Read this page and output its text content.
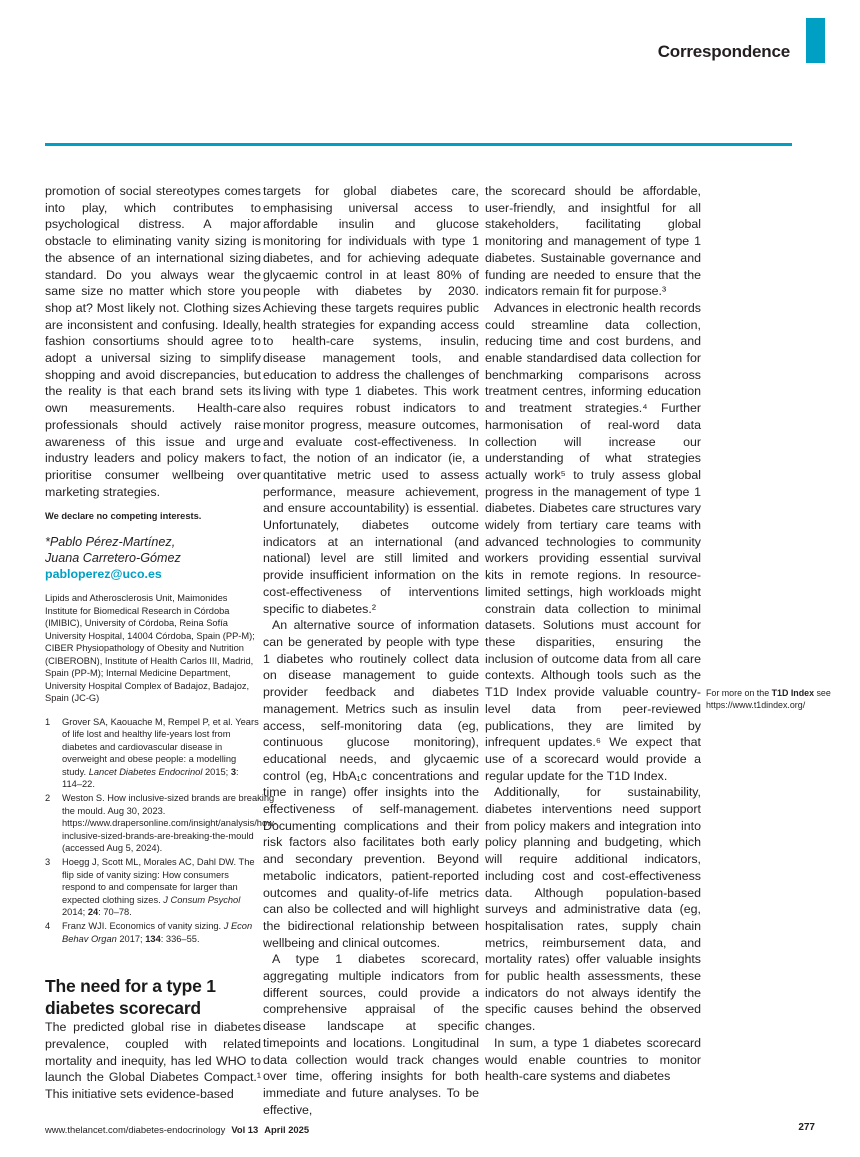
Correspondence

promotion of social stereotypes comes into play, which contributes to psychological distress. A major obstacle to eliminating vanity sizing is the absence of an international sizing standard. Do you always wear the same size no matter which store you shop at? Most likely not. Clothing sizes are inconsistent and confusing. Ideally, fashion consortiums should agree to adopt a universal sizing to simplify shopping and avoid discrepancies, but the reality is that each brand sets its own measurements. Health-care professionals should actively raise awareness of this issue and urge industry leaders and policy makers to prioritise consumer wellbeing over marketing strategies.

We declare no competing interests.
*Pablo Pérez-Martínez,
Juana Carretero-Gómez
pabloperez@uco.es
Lipids and Atherosclerosis Unit, Maimonides Institute for Biomedical Research in Córdoba (IMIBIC), University of Córdoba, Reina Sofía University Hospital, 14004 Córdoba, Spain (PP-M); CIBER Physiopathology of Obesity and Nutrition (CIBEROBN), Institute of Health Carlos III, Madrid, Spain (PP-M); Internal Medicine Department, University Hospital Complex of Badajoz, Badajoz, Spain (JC-G)
1	Grover SA, Kaouache M, Rempel P, et al. Years of life lost and healthy life-years lost from diabetes and cardiovascular disease in overweight and obese people: a modelling study. Lancet Diabetes Endocrinol 2015; 3: 114–22.
2	Weston S. How inclusive-sized brands are breaking the mould. Aug 30, 2023. https://www.drapersonline.com/insight/analysis/how-inclusive-sized-brands-are-breaking-the-mould (accessed Aug 5, 2024).
3	Hoegg J, Scott ML, Morales AC, Dahl DW. The flip side of vanity sizing: How consumers respond to and compensate for larger than expected clothing sizes. J Consum Psychol 2014; 24: 70–78.
4	Franz WJI. Economics of vanity sizing. J Econ Behav Organ 2017; 134: 336–55.
The need for a type 1 diabetes scorecard

The predicted global rise in diabetes prevalence, coupled with related mortality and inequity, has led WHO to launch the Global Diabetes Compact.¹ This initiative sets evidence-based

targets for global diabetes care, emphasising universal access to affordable insulin and glucose monitoring for individuals with type 1 diabetes, and for achieving adequate glycaemic control in at least 80% of people with diabetes by 2030. Achieving these targets requires public health strategies for expanding access to health-care systems, insulin, disease management tools, and education to address the challenges of living with type 1 diabetes. This work also requires robust indicators to monitor progress, measure outcomes, and evaluate cost-effectiveness. In fact, the notion of an indicator (ie, a quantitative metric used to assess performance, measure achievement, and ensure accountability) is essential. Unfortunately, diabetes outcome indicators at an international (and national) level are still limited and provide insufficient information on the cost-effectiveness of interventions specific to diabetes.²

An alternative source of information can be generated by people with type 1 diabetes who routinely collect data on disease management to guide provider feedback and diabetes management. Metrics such as insulin access, self-monitoring data (eg, continuous glucose monitoring), educational needs, and glycaemic control (eg, HbA₁c concentrations and time in range) offer insights into the effectiveness of self-management. Documenting complications and their risk factors also facilitates both early and secondary prevention. Beyond metabolic indicators, patient-reported outcomes and quality-of-life metrics can also be collected and will highlight the bidirectional relationship between wellbeing and clinical outcomes.

A type 1 diabetes scorecard, aggregating multiple indicators from different sources, could provide a comprehensive appraisal of the disease landscape at specific timepoints and locations. Longitudinal data collection would track changes over time, offering insights for both immediate and future analyses. To be effective,

the scorecard should be affordable, user-friendly, and insightful for all stakeholders, facilitating global monitoring and management of type 1 diabetes. Sustainable governance and funding are needed to ensure that the indicators remain fit for purpose.³

Advances in electronic health records could streamline data collection, reducing time and cost burdens, and enable standardised data collection for benchmarking comparisons across treatment centres, informing education and treatment strategies.⁴ Further harmonisation of real-word data collection will increase our understanding of what strategies actually work⁵ to truly assess global progress in the management of type 1 diabetes. Diabetes care structures vary widely from tertiary care teams with advanced technologies to community workers providing essential survival kits in remote regions. In resource-limited settings, high workloads might constrain data collection to minimal datasets. Solutions must account for these disparities, ensuring the inclusion of outcome data from all care contexts. Although tools such as the T1D Index provide valuable country-level data from peer-reviewed publications, they are limited by infrequent updates.⁶ We expect that use of a scorecard would provide a regular update for the T1D Index.

Additionally, for sustainability, diabetes interventions need support from policy makers and integration into policy planning and budgeting, which will require additional indicators, including cost and cost-effectiveness data. Although population-based surveys and administrative data (eg, hospitalisation rates, supply chain metrics, reimbursement data, and mortality rates) offer valuable insights for public health assessments, these indicators do not always identify the specific causes behind the observed changes.

In sum, a type 1 diabetes scorecard would enable countries to monitor health-care systems and diabetes

For more on the T1D Index see
https://www.t1dindex.org/
www.thelancet.com/diabetes-endocrinology Vol 13 April 2025	277
